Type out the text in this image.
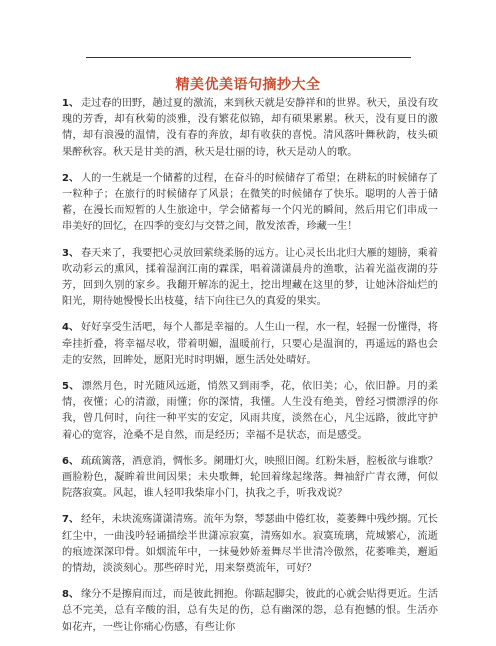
精美优美语句摘抄大全

1、 走过春的田野，趟过夏的激流，来到秋天就是安静祥和的世界。秋天，虽没有玫瑰的芳香，却有秋菊的淡雅，没有繁花似锦，却有硕果累累。秋天，没有夏日的激情，却有浪漫的温情，没有春的奔放，却有收获的喜悦。清风落叶舞秋韵，枝头硕果醉秋容。秋天是甘美的酒，秋天是壮丽的诗，秋天是动人的歌。

2、 人的一生就是一个储蓄的过程，在奋斗的时候储存了希望；在耕耘的时候储存了一粒种子；在旅行的时候储存了风景；在微笑的时候储存了快乐。聪明的人善于储蓄，在漫长而短暂的人生旅途中，学会储蓄每一个闪光的瞬间，然后用它们串成一串美好的回忆，在四季的变幻与交替之间，散发浓香，珍藏一生！

3、 春天来了，我要把心灵放回萦绕柔肠的远方。让心灵长出北归大雁的翅膀，乘着吹动彩云的熏风，揉着湿润江南的霖霂，唱着潇潇晨舟的渔歌，沾着光溢夜湖的芬芳，回到久别的家乡。我翻开解冻的泥土，挖出埋藏在这里的梦，让她沐浴灿烂的阳光，期待她慢慢长出枝蔓，结下向往已久的真爱的果实。

4、 好好享受生活吧，每个人都是幸福的。人生山一程，水一程，轻握一份懂得，将牵挂折叠，将幸福尽收，带着明媚，温暖前行，只要心是温润的，再遥远的路也会走的安然，回眸处，愿阳光时时明媚，愿生活处处晴好。

5、 漂然月色，时光随风远逝，悄然又到雨季，花，依旧美；心，依旧静。月的柔情，夜懂；心的清澈，雨懂；你的深情，我懂。人生没有绝美，曾经习惯漂浮的你我，曾几何时，向往一种平实的安定，风雨共度，淡然在心，凡尘远路，彼此守护着心的宽容，沧桑不是自然，而是经历；幸福不是状态，而是感受。

6、 疏疏篱落，酒意消，惆怅多。阑珊灯火，映照旧阁。红粉朱唇，腔板欲与谁歌？画脸粉色，凝眸着世间因果；未央歌舞，轮回着缘起缘落。舞袖舒广青衣薄，何似院落寂寞。风起，谁人轻叩我柴扉小门，执我之手，听我戏说？

7、 经年，未块流殇潇潇清殇。流年为祭，琴瑟曲中倦红妆，菱萎舞中残纱搦。冗长红尘中，一曲浅吟轻诵描绘半世潇凉寂寞，清殇如水。寂寞琉璃，荒城繁心，流逝的痕迹深深印骨。如烟流年中，一抹曼妙娇羞舞尽半世清冷傲然，花萎唯美，邂逅的情劫，淡淡刻心。那些碎时光，用来祭奠流年，可好？

8、 缘分不是擦肩而过，而是彼此拥抱。你踮起脚尖，彼此的心就会贴得更近。生活总不完美，总有辛酸的泪，总有失足的伤，总有幽深的怨，总有抱憾的恨。生活亦如花卉，一些让你痛心伤感，有些让你
